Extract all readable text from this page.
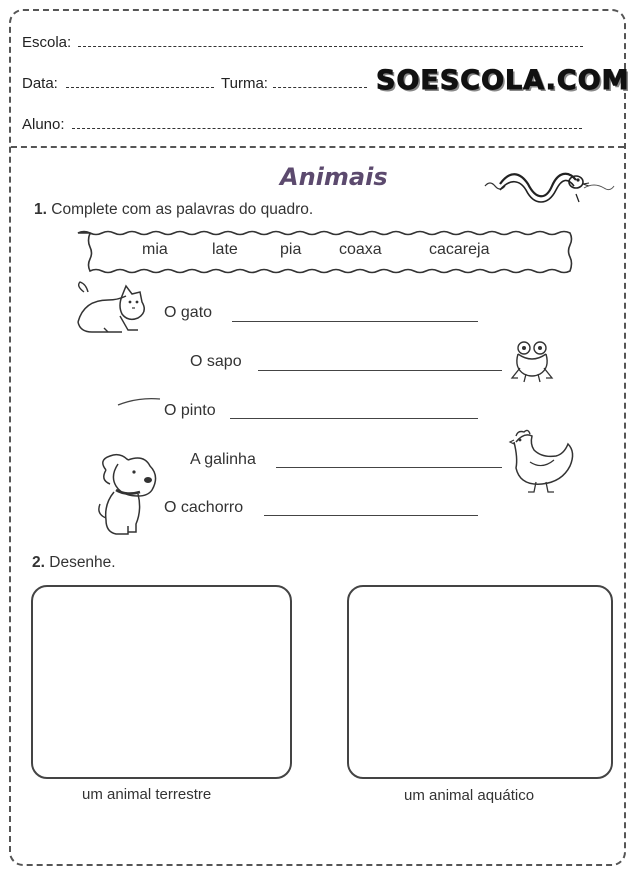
Escola:
Data:	Turma:	SOESCOLA.COM
Aluno:
Animais
1. Complete com as palavras do quadro.
mia	late	pia coaxa	cacareja
O gato
O sapo
O pinto
A galinha
O cachorro
2. Desenhe.
um animal terrestre	um animal aquático
